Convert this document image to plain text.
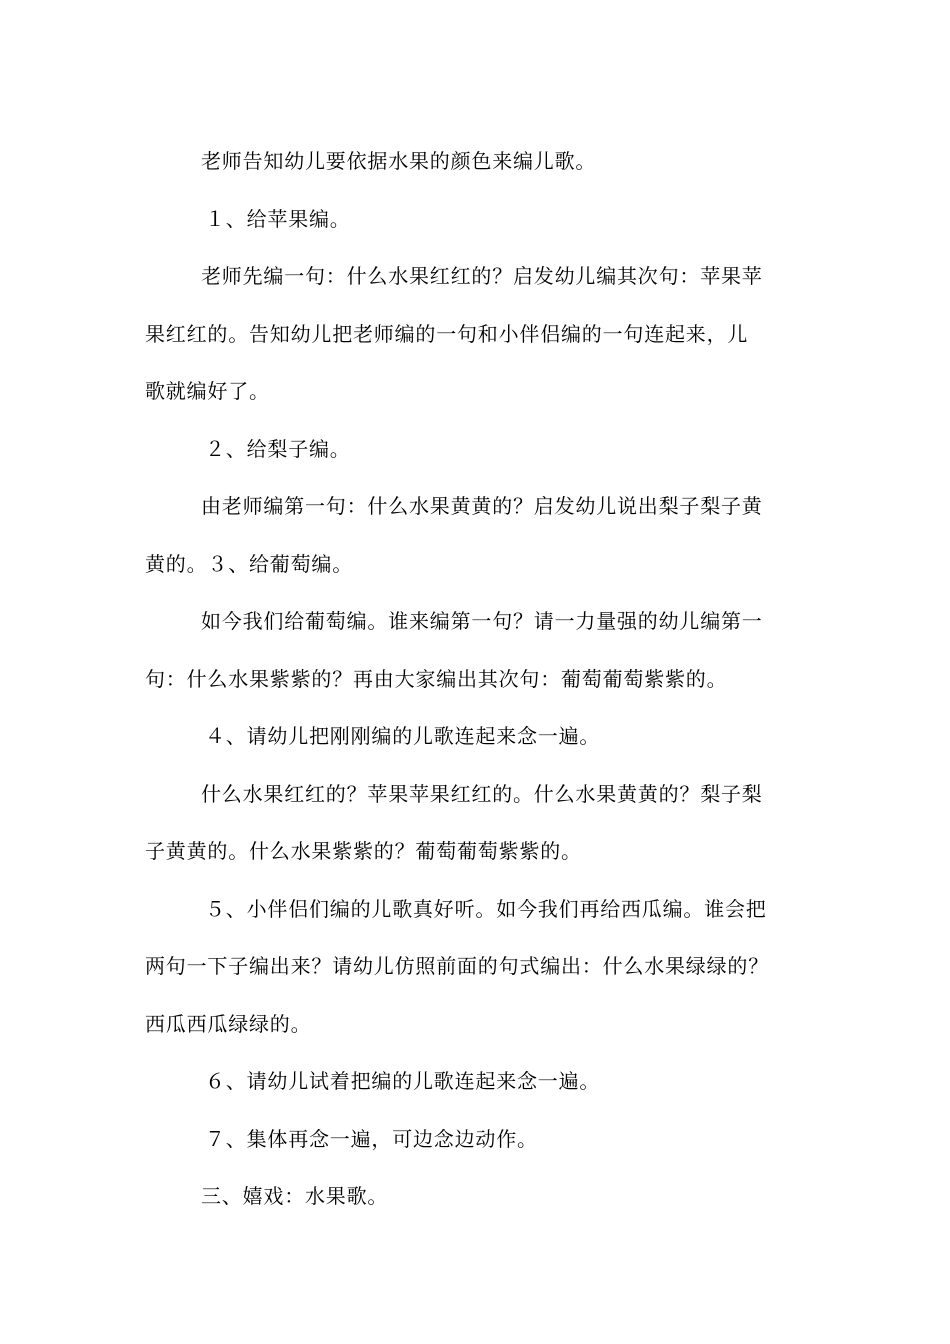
老师告知幼儿要依据水果的颜色来编儿歌。

１、给苹果编。

老师先编一句：什么水果红红的？启发幼儿编其次句：苹果苹
果红红的。告知幼儿把老师编的一句和小伴侣编的一句连起来，儿
歌就编好了。

２、给梨子编。

由老师编第一句：什么水果黄黄的？启发幼儿说出梨子梨子黄
黄的。３、给葡萄编。

如今我们给葡萄编。谁来编第一句？请一力量强的幼儿编第一
句：什么水果紫紫的？再由大家编出其次句：葡萄葡萄紫紫的。

４、请幼儿把刚刚编的儿歌连起来念一遍。

什么水果红红的？苹果苹果红红的。什么水果黄黄的？梨子梨
子黄黄的。什么水果紫紫的？葡萄葡萄紫紫的。

５、小伴侣们编的儿歌真好听。如今我们再给西瓜编。谁会把
两句一下子编出来？请幼儿仿照前面的句式编出：什么水果绿绿的？
西瓜西瓜绿绿的。

６、请幼儿试着把编的儿歌连起来念一遍。

７、集体再念一遍，可边念边动作。

三、嬉戏：水果歌。
